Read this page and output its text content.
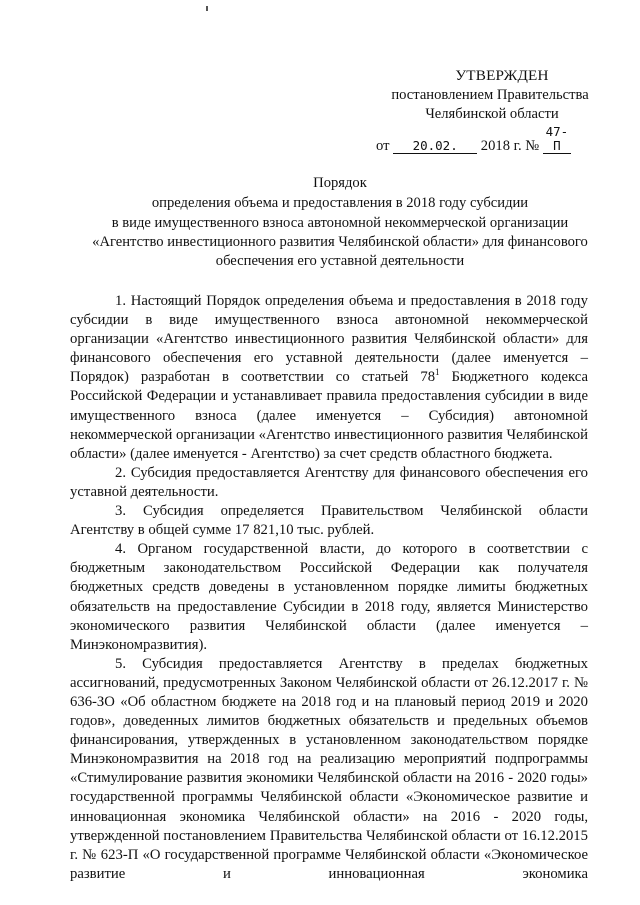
УТВЕРЖДЕН
постановлением Правительства
Челябинской области
от 20.02. 2018 г. № 47-П
Порядок
определения объема и предоставления в 2018 году субсидии
в виде имущественного взноса автономной некоммерческой организации
«Агентство инвестиционного развития Челябинской области» для финансового
обеспечения его уставной деятельности

1. Настоящий Порядок определения объема и предоставления в 2018 году субсидии в виде имущественного взноса автономной некоммерческой организации «Агентство инвестиционного развития Челябинской области» для финансового обеспечения его уставной деятельности (далее именуется – Порядок) разработан в соответствии со статьей $78^1$ Бюджетного кодекса Российской Федерации и устанавливает правила предоставления субсидии в виде имущественного взноса (далее именуется – Субсидия) автономной некоммерческой организации «Агентство инвестиционного развития Челябинской области» (далее именуется - Агентство) за счет средств областного бюджета.

2. Субсидия предоставляется Агентству для финансового обеспечения его уставной деятельности.

3. Субсидия определяется Правительством Челябинской области Агентству в общей сумме 17 821,10 тыс. рублей.

4. Органом государственной власти, до которого в соответствии с бюджетным законодательством Российской Федерации как получателя бюджетных средств доведены в установленном порядке лимиты бюджетных обязательств на предоставление Субсидии в 2018 году, является Министерство экономического развития Челябинской области (далее именуется – Минэкономразвития).

5. Субсидия предоставляется Агентству в пределах бюджетных ассигнований, предусмотренных Законом Челябинской области от 26.12.2017 г. № 636-ЗО «Об областном бюджете на 2018 год и на плановый период 2019 и 2020 годов», доведенных лимитов бюджетных обязательств и предельных объемов финансирования, утвержденных в установленном законодательством порядке Минэкономразвития на 2018 год на реализацию мероприятий подпрограммы «Стимулирование развития экономики Челябинской области на 2016 - 2020 годы» государственной программы Челябинской области «Экономическое развитие и инновационная экономика Челябинской области» на 2016 - 2020 годы, утвержденной постановлением Правительства Челябинской области от 16.12.2015 г. № 623-П «О государственной программе Челябинской области «Экономическое развитие и инновационная экономика
